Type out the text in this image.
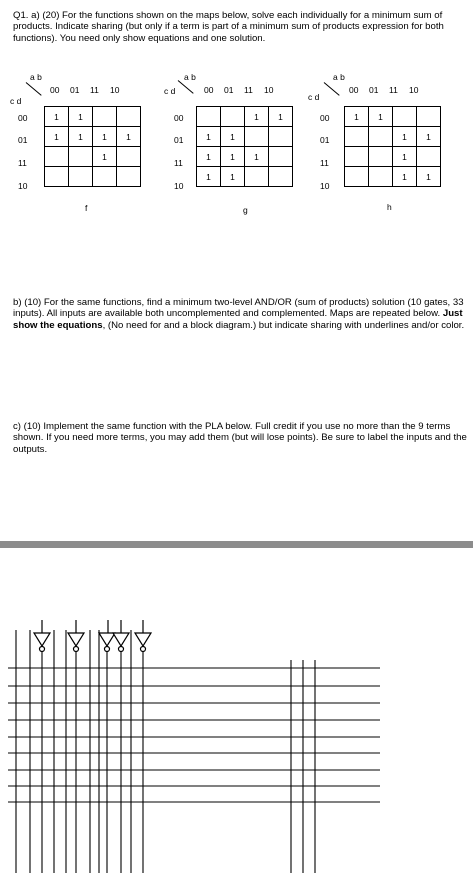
Q1. a) (20) For the functions shown on the maps below, solve each individually for a minimum sum of products. Indicate sharing (but only if a term is part of a minimum sum of products expression for both functions). You need only show equations and one solution.

a b
c d
00 01 11 10
00
01
11
10
1	1		
1	1	1	1
		1	

f
a b
c d	00 01 11 10
00
01
11
10
		1	1
1	1		
1	1	1	
1	1		
g
a b
c d
00 01 11 10
00
01
11
10
1	1		
		1	1
		1	
		1	1
h

b) (10) For the same functions, find a minimum two-level AND/OR (sum of products) solution (10 gates, 33 inputs). All inputs are available both uncomplemented and complemented. Maps are repeated below. Just show the equations, (No need for and a block diagram.) but indicate sharing with underlines and/or color.

c) (10) Implement the same function with the PLA below. Full credit if you use no more than the 9 terms shown. If you need more terms, you may add them (but will lose points). Be sure to label the inputs and the outputs.
